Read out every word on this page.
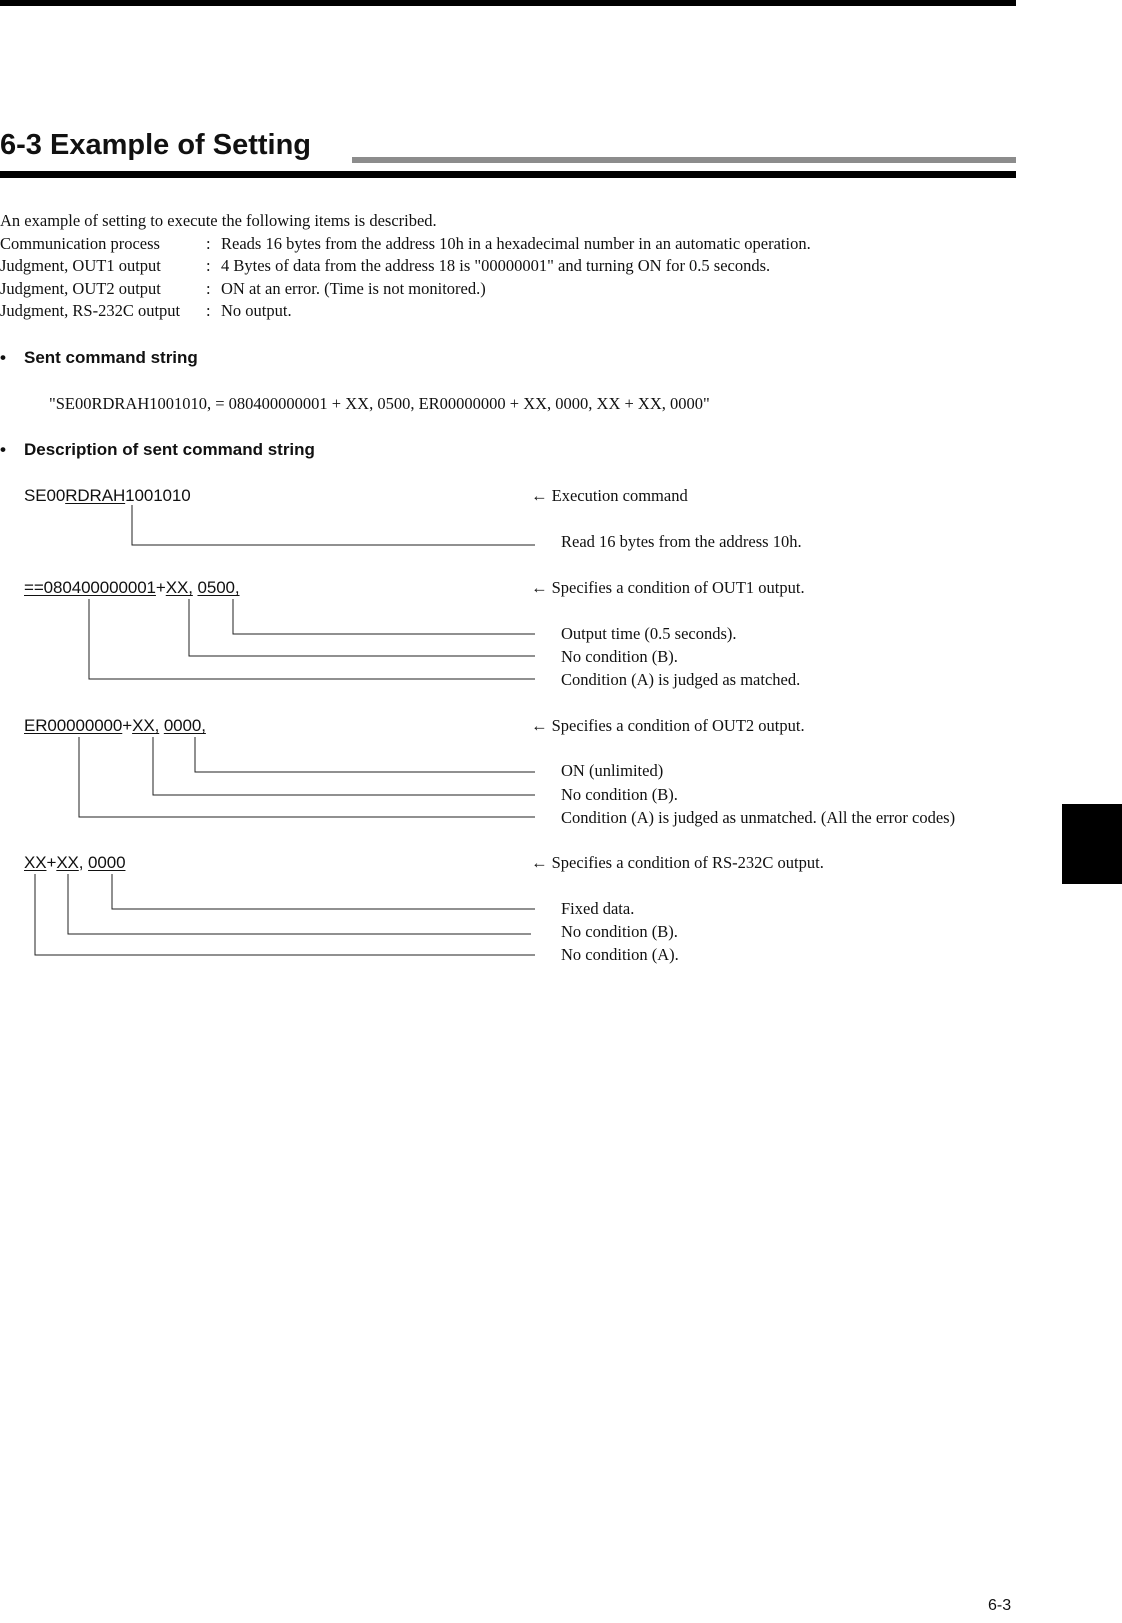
6-3 Example of Setting
An example of setting to execute the following items is described.
Communication process	: Reads 16 bytes from the address 10h in a hexadecimal number in an automatic operation.
Judgment, OUT1 output	: 4 Bytes of data from the address 18 is "00000001" and turning ON for 0.5 seconds.
Judgment, OUT2 output	: ON at an error. (Time is not monitored.)
Judgment, RS-232C output : No output.
• Sent command string
"SE00RDRAH1001010, = 080400000001 + XX, 0500, ER00000000 + XX, 0000, XX + XX, 0000"
• Description of sent command string
SE00RDRAH1001010	← Execution command
Read 16 bytes from the address 10h.
==080400000001+XX, 0500,	← Specifies a condition of OUT1 output.
Output time (0.5 seconds).
No condition (B).
Condition (A) is judged as matched.
ER00000000+XX, 0000,	← Specifies a condition of OUT2 output.
ON (unlimited)
No condition (B).
Condition (A) is judged as unmatched. (All the error codes)
XX+XX, 0000	← Specifies a condition of RS-232C output.
Fixed data.
No condition (B).
No condition (A).
6-3
